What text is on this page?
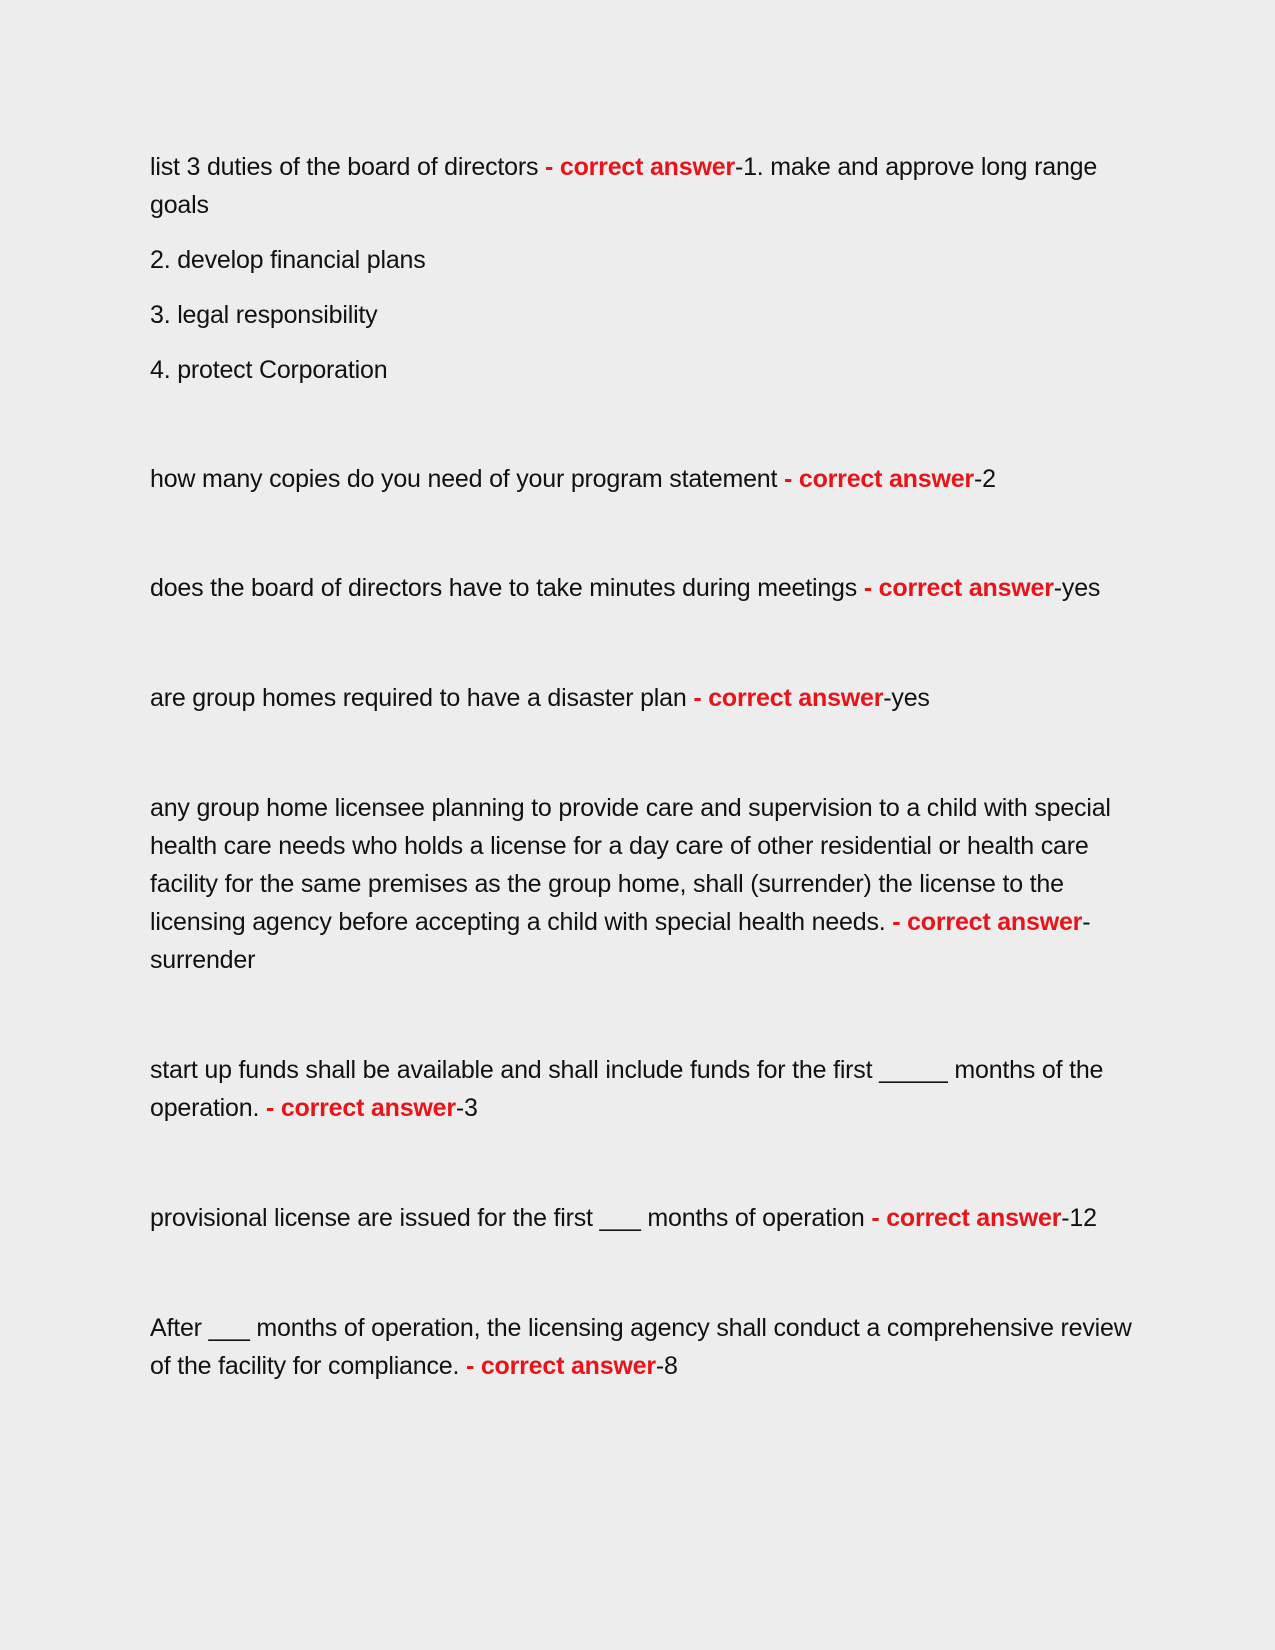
list 3 duties of the board of directors - correct answer-1. make and approve long range goals

2. develop financial plans

3. legal responsibility

4. protect Corporation

how many copies do you need of your program statement - correct answer-2

does the board of directors have to take minutes during meetings - correct answer-yes

are group homes required to have a disaster plan - correct answer-yes

any group home licensee planning to provide care and supervision to a child with special health care needs who holds a license for a day care of other residential or health care facility for the same premises as the group home, shall (surrender) the license to the licensing agency before accepting a child with special health needs. - correct answer-surrender

start up funds shall be available and shall include funds for the first _____ months of the operation. - correct answer-3

provisional license are issued for the first ___ months of operation - correct answer-12

After ___ months of operation, the licensing agency shall conduct a comprehensive review of the facility for compliance. - correct answer-8
